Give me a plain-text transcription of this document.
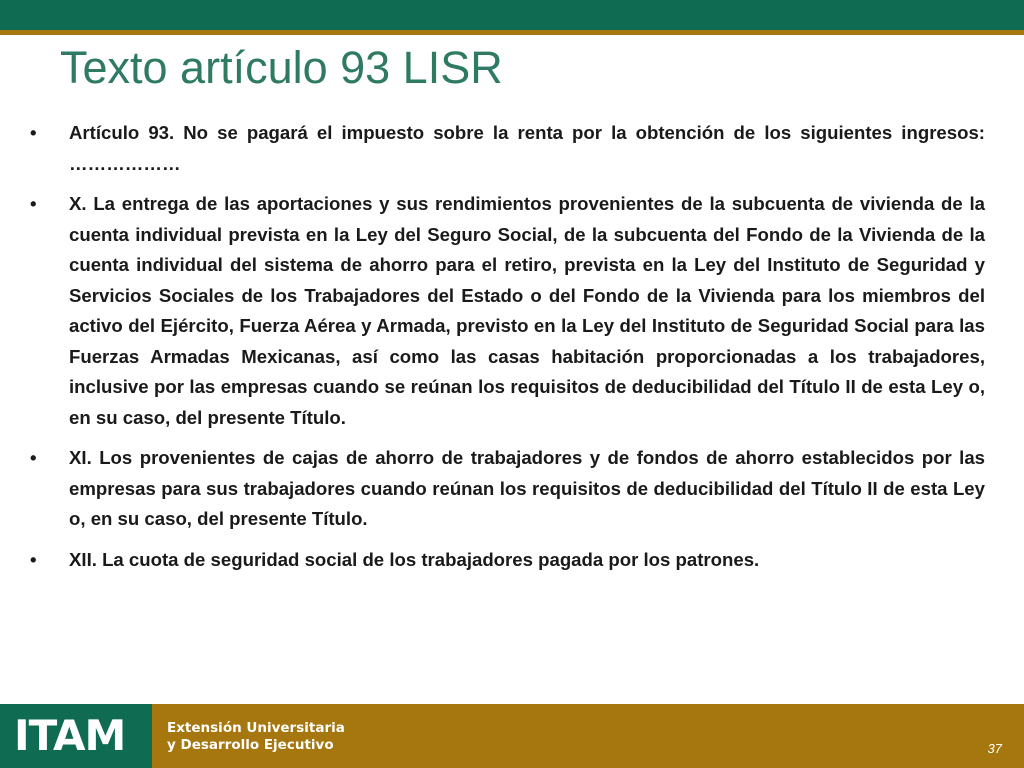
Texto artículo 93 LISR
• Artículo 93. No se pagará el impuesto sobre la renta por la obtención de los siguientes ingresos: ………………
• X. La entrega de las aportaciones y sus rendimientos provenientes de la subcuenta de vivienda de la cuenta individual prevista en la Ley del Seguro Social, de la subcuenta del Fondo de la Vivienda de la cuenta individual del sistema de ahorro para el retiro, prevista en la Ley del Instituto de Seguridad y Servicios Sociales de los Trabajadores del Estado o del Fondo de la Vivienda para los miembros del activo del Ejército, Fuerza Aérea y Armada, previsto en la Ley del Instituto de Seguridad Social para las Fuerzas Armadas Mexicanas, así como las casas habitación proporcionadas a los trabajadores, inclusive por las empresas cuando se reúnan los requisitos de deducibilidad del Título II de esta Ley o, en su caso, del presente Título.
• XI. Los provenientes de cajas de ahorro de trabajadores y de fondos de ahorro establecidos por las empresas para sus trabajadores cuando reúnan los requisitos de deducibilidad del Título II de esta Ley o, en su caso, del presente Título.
• XII. La cuota de seguridad social de los trabajadores pagada por los patrones.
ITAM	Extensión Universitaria
y Desarrollo Ejecutivo	37
